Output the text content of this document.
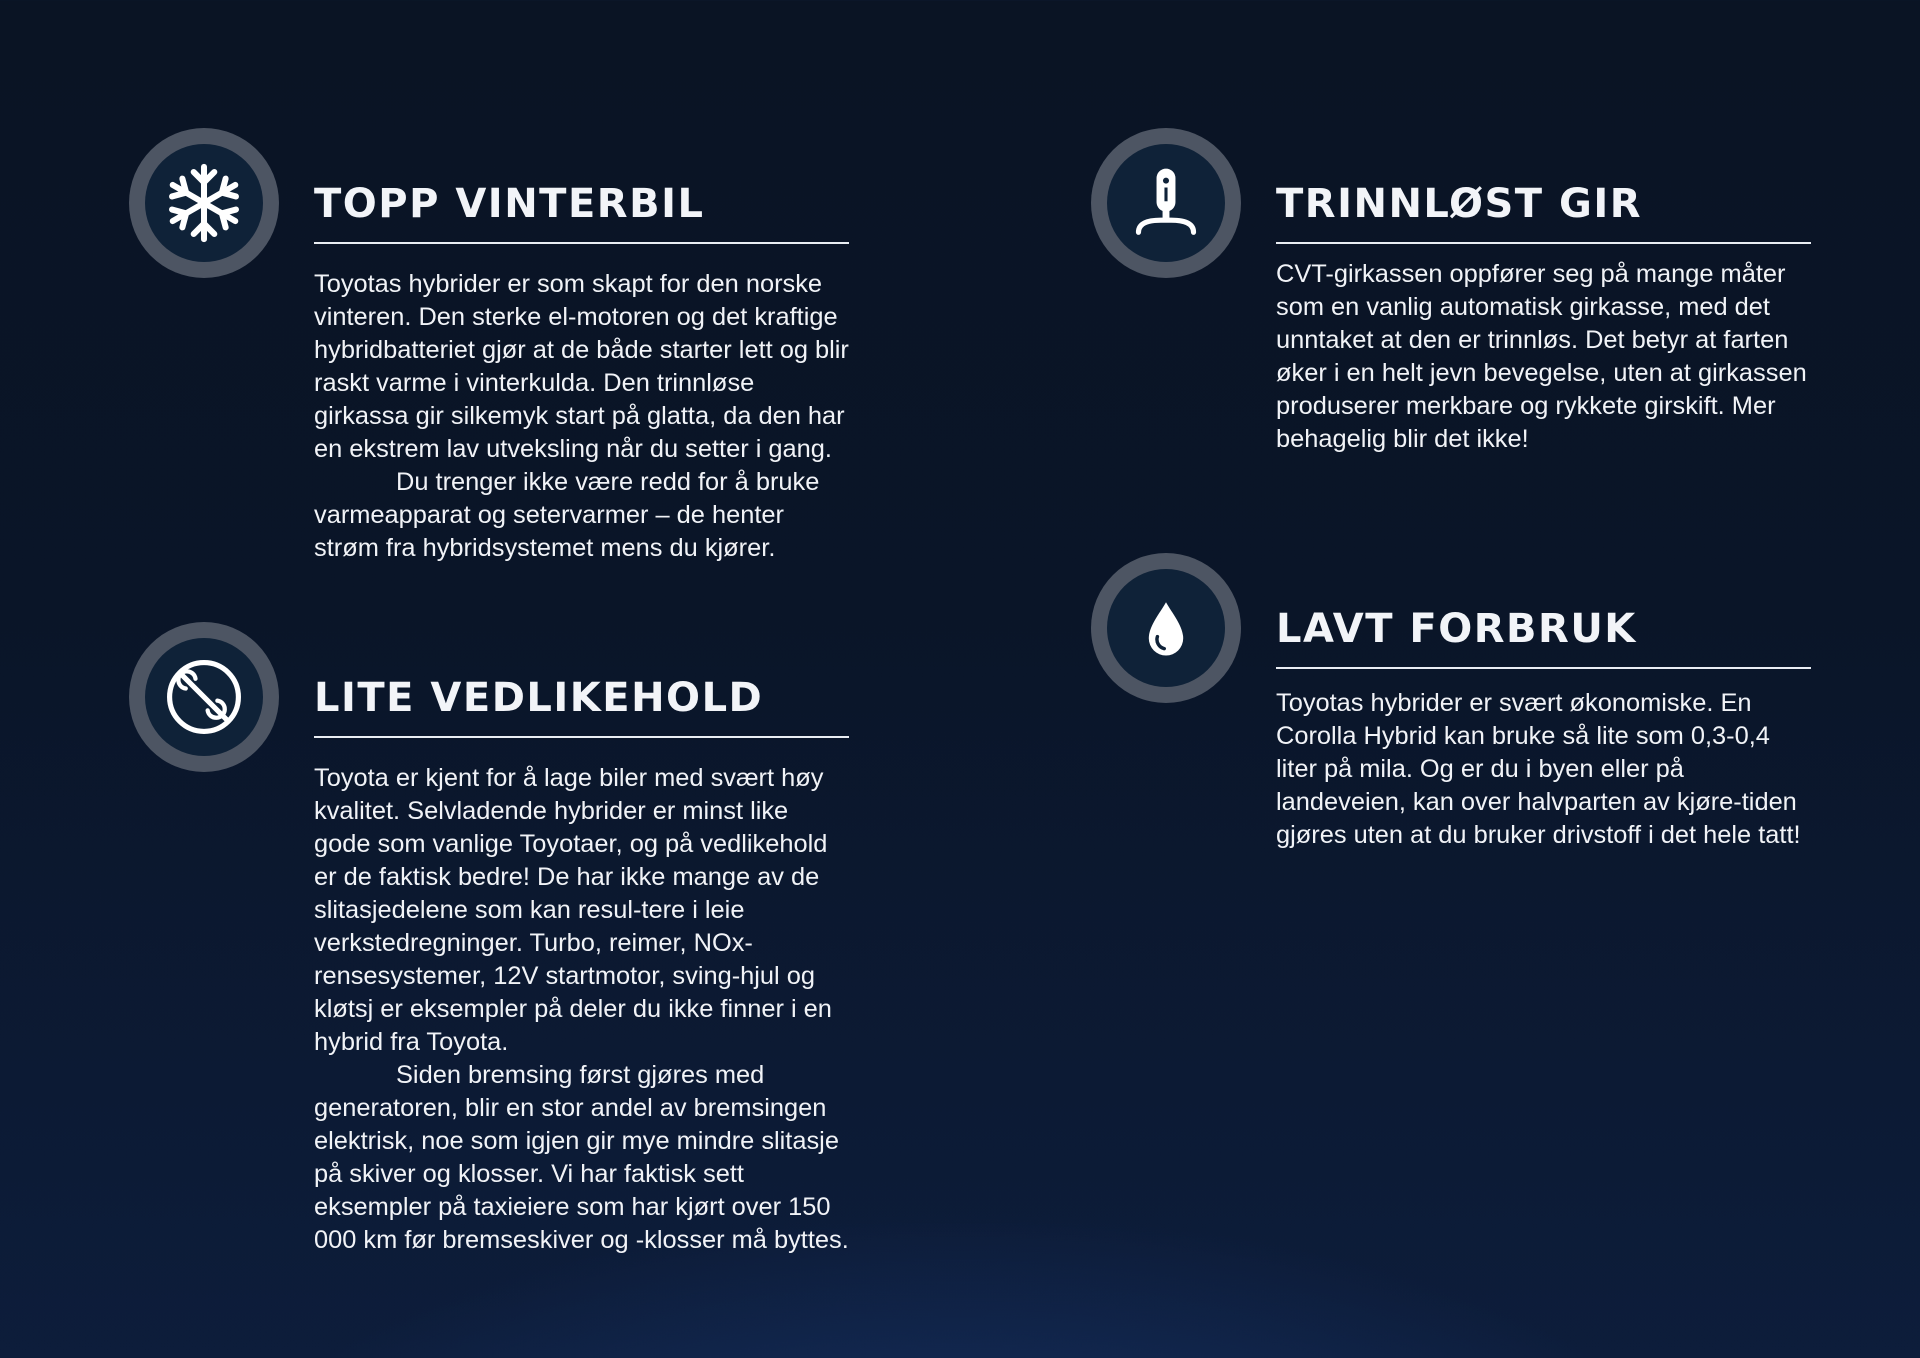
TOPP VINTERBIL

Toyotas hybrider er som skapt for den norske vinteren. Den sterke el-motoren og det kraftige hybridbatteriet gjør at de både starter lett og blir raskt varme i vinterkulda. Den trinnløse girkassa gir silkemyk start på glatta, da den har en ekstrem lav utveksling når du setter i gang.

Du trenger ikke være redd for å bruke varmeapparat og setervarmer – de henter strøm fra hybridsystemet mens du kjører.

LITE VEDLIKEHOLD

Toyota er kjent for å lage biler med svært høy kvalitet. Selvladende hybrider er minst like gode som vanlige Toyotaer, og på vedlikehold er de faktisk bedre! De har ikke mange av de slitasjedelene som kan resul-tere i leie verkstedregninger. Turbo, reimer, NOx-rensesystemer, 12V startmotor, sving-hjul og kløtsj er eksempler på deler du ikke finner i en hybrid fra Toyota.

Siden bremsing først gjøres med generatoren, blir en stor andel av bremsingen elektrisk, noe som igjen gir mye mindre slitasje på skiver og klosser. Vi har faktisk sett eksempler på taxieiere som har kjørt over 150 000 km før bremseskiver og -klosser må byttes.

TRINNLØST GIR

CVT-girkassen oppfører seg på mange måter som en vanlig automatisk girkasse, med det unntaket at den er trinnløs. Det betyr at farten øker i en helt jevn bevegelse, uten at girkassen produserer merkbare og rykkete girskift. Mer behagelig blir det ikke!

LAVT FORBRUK

Toyotas hybrider er svært økonomiske. En Corolla Hybrid kan bruke så lite som 0,3-0,4 liter på mila. Og er du i byen eller på landeveien, kan over halvparten av kjøre-tiden gjøres uten at du bruker drivstoff i det hele tatt!
